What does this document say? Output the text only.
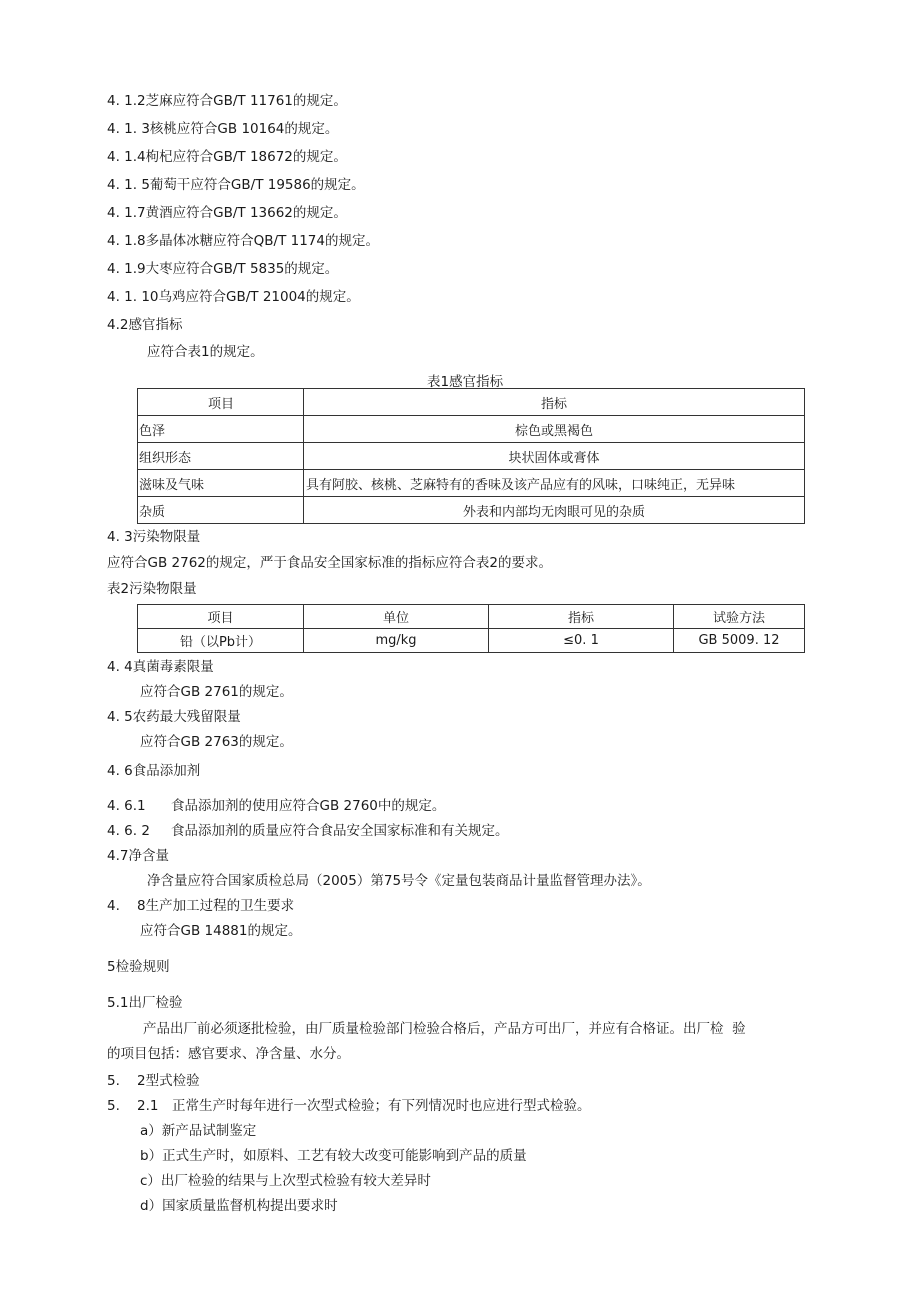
4. 1.2芝麻应符合GB/T 11761的规定。
4. 1. 3核桃应符合GB 10164的规定。
4. 1.4枸杞应符合GB/T 18672的规定。
4. 1. 5葡萄干应符合GB/T 19586的规定。
4. 1.7黄酒应符合GB/T 13662的规定。
4. 1.8多晶体冰糖应符合QB/T 1174的规定。
4. 1.9大枣应符合GB/T 5835的规定。
4. 1. 10乌鸡应符合GB/T 21004的规定。
4.2感官指标
应符合表1的规定。
表1感官指标
项目	指标
色泽	棕色或黑褐色
组织形态	块状固体或膏体
滋味及气味	具有阿胶、核桃、芝麻特有的香味及该产品应有的风味，口味纯正，无异味
杂质	外表和内部均无肉眼可见的杂质
4. 3污染物限量
应符合GB 2762的规定，严于食品安全国家标准的指标应符合表2的要求。
表2污染物限量
项目	单位	指标	试验方法
铅（以Pb计）	mg/kg	≤0. 1	GB 5009. 12
4. 4真菌毒素限量
应符合GB 2761的规定。
4. 5农药最大残留限量
应符合GB 2763的规定。
4. 6食品添加剂
4. 6.1 食品添加剂的使用应符合GB 2760中的规定。
4. 6. 2 食品添加剂的质量应符合食品安全国家标准和有关规定。
4.7净含量
净含量应符合国家质检总局（2005）第75号令《定量包装商品计量监督管理办法》。
4.    8生产加工过程的卫生要求
应符合GB 14881的规定。
5检验规则
5.1出厂检验
产品出厂前必须逐批检验，由厂质量检验部门检验合格后，产品方可出厂，并应有合格证。出厂检  验
的项目包括：感官要求、净含量、水分。
5.    2型式检验
5.    2.1 正常生产时每年进行一次型式检验；有下列情况时也应进行型式检验。
a）新产品试制鉴定
b）正式生产时，如原料、工艺有较大改变可能影响到产品的质量
c）出厂检验的结果与上次型式检验有较大差异时
d）国家质量监督机构提出要求时
